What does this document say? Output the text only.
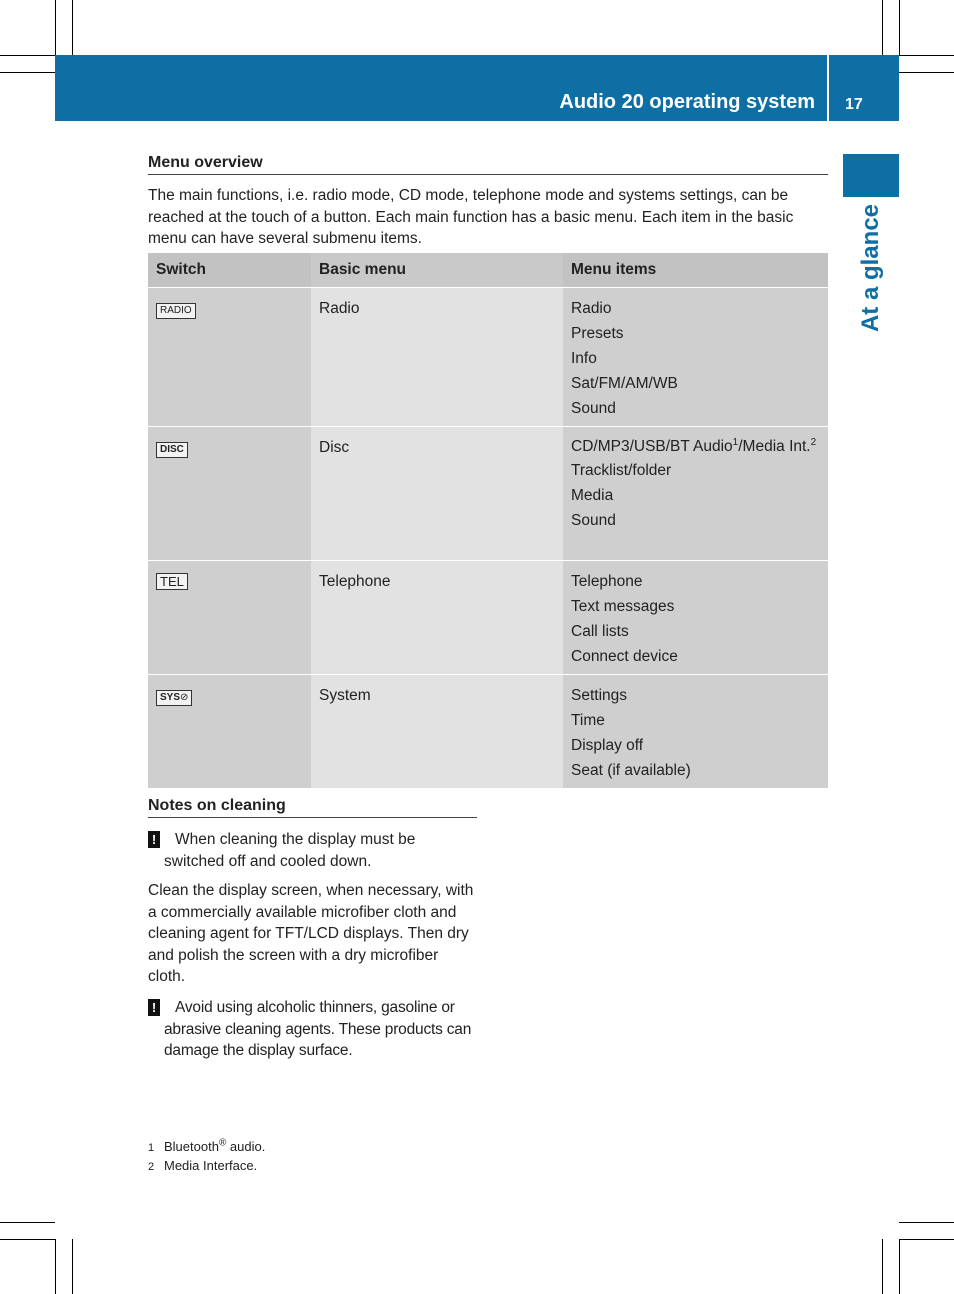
Audio 20 operating system 17
At a glance
Menu overview

The main functions, i.e. radio mode, CD mode, telephone mode and systems settings, can be reached at the touch of a button. Each main function has a basic menu. Each item in the basic menu can have several submenu items.

Switch	Basic menu	Menu items
RADIO	Radio	Radio
Presets
Info
Sat/FM/AM/WB
Sound

DISC	Disc	CD/MP3/USB/BT Audio$^1$/Media Int.$^2$
Tracklist/folder
Media
Sound

TEL	Telephone	Telephone
Text messages
Call lists
Connect device

SYS⊘	System	Settings
Time
Display off
Seat (if available)
Notes on cleaning
!	When cleaning the display must be switched off and cooled down.

Clean the display screen, when necessary, with a commercially available microfiber cloth and cleaning agent for TFT/LCD displays. Then dry and polish the screen with a dry microfiber cloth.

!	Avoid using alcoholic thinners, gasoline or abrasive cleaning agents. These products can damage the display surface.

1 Bluetooth® audio.
2 Media Interface.
